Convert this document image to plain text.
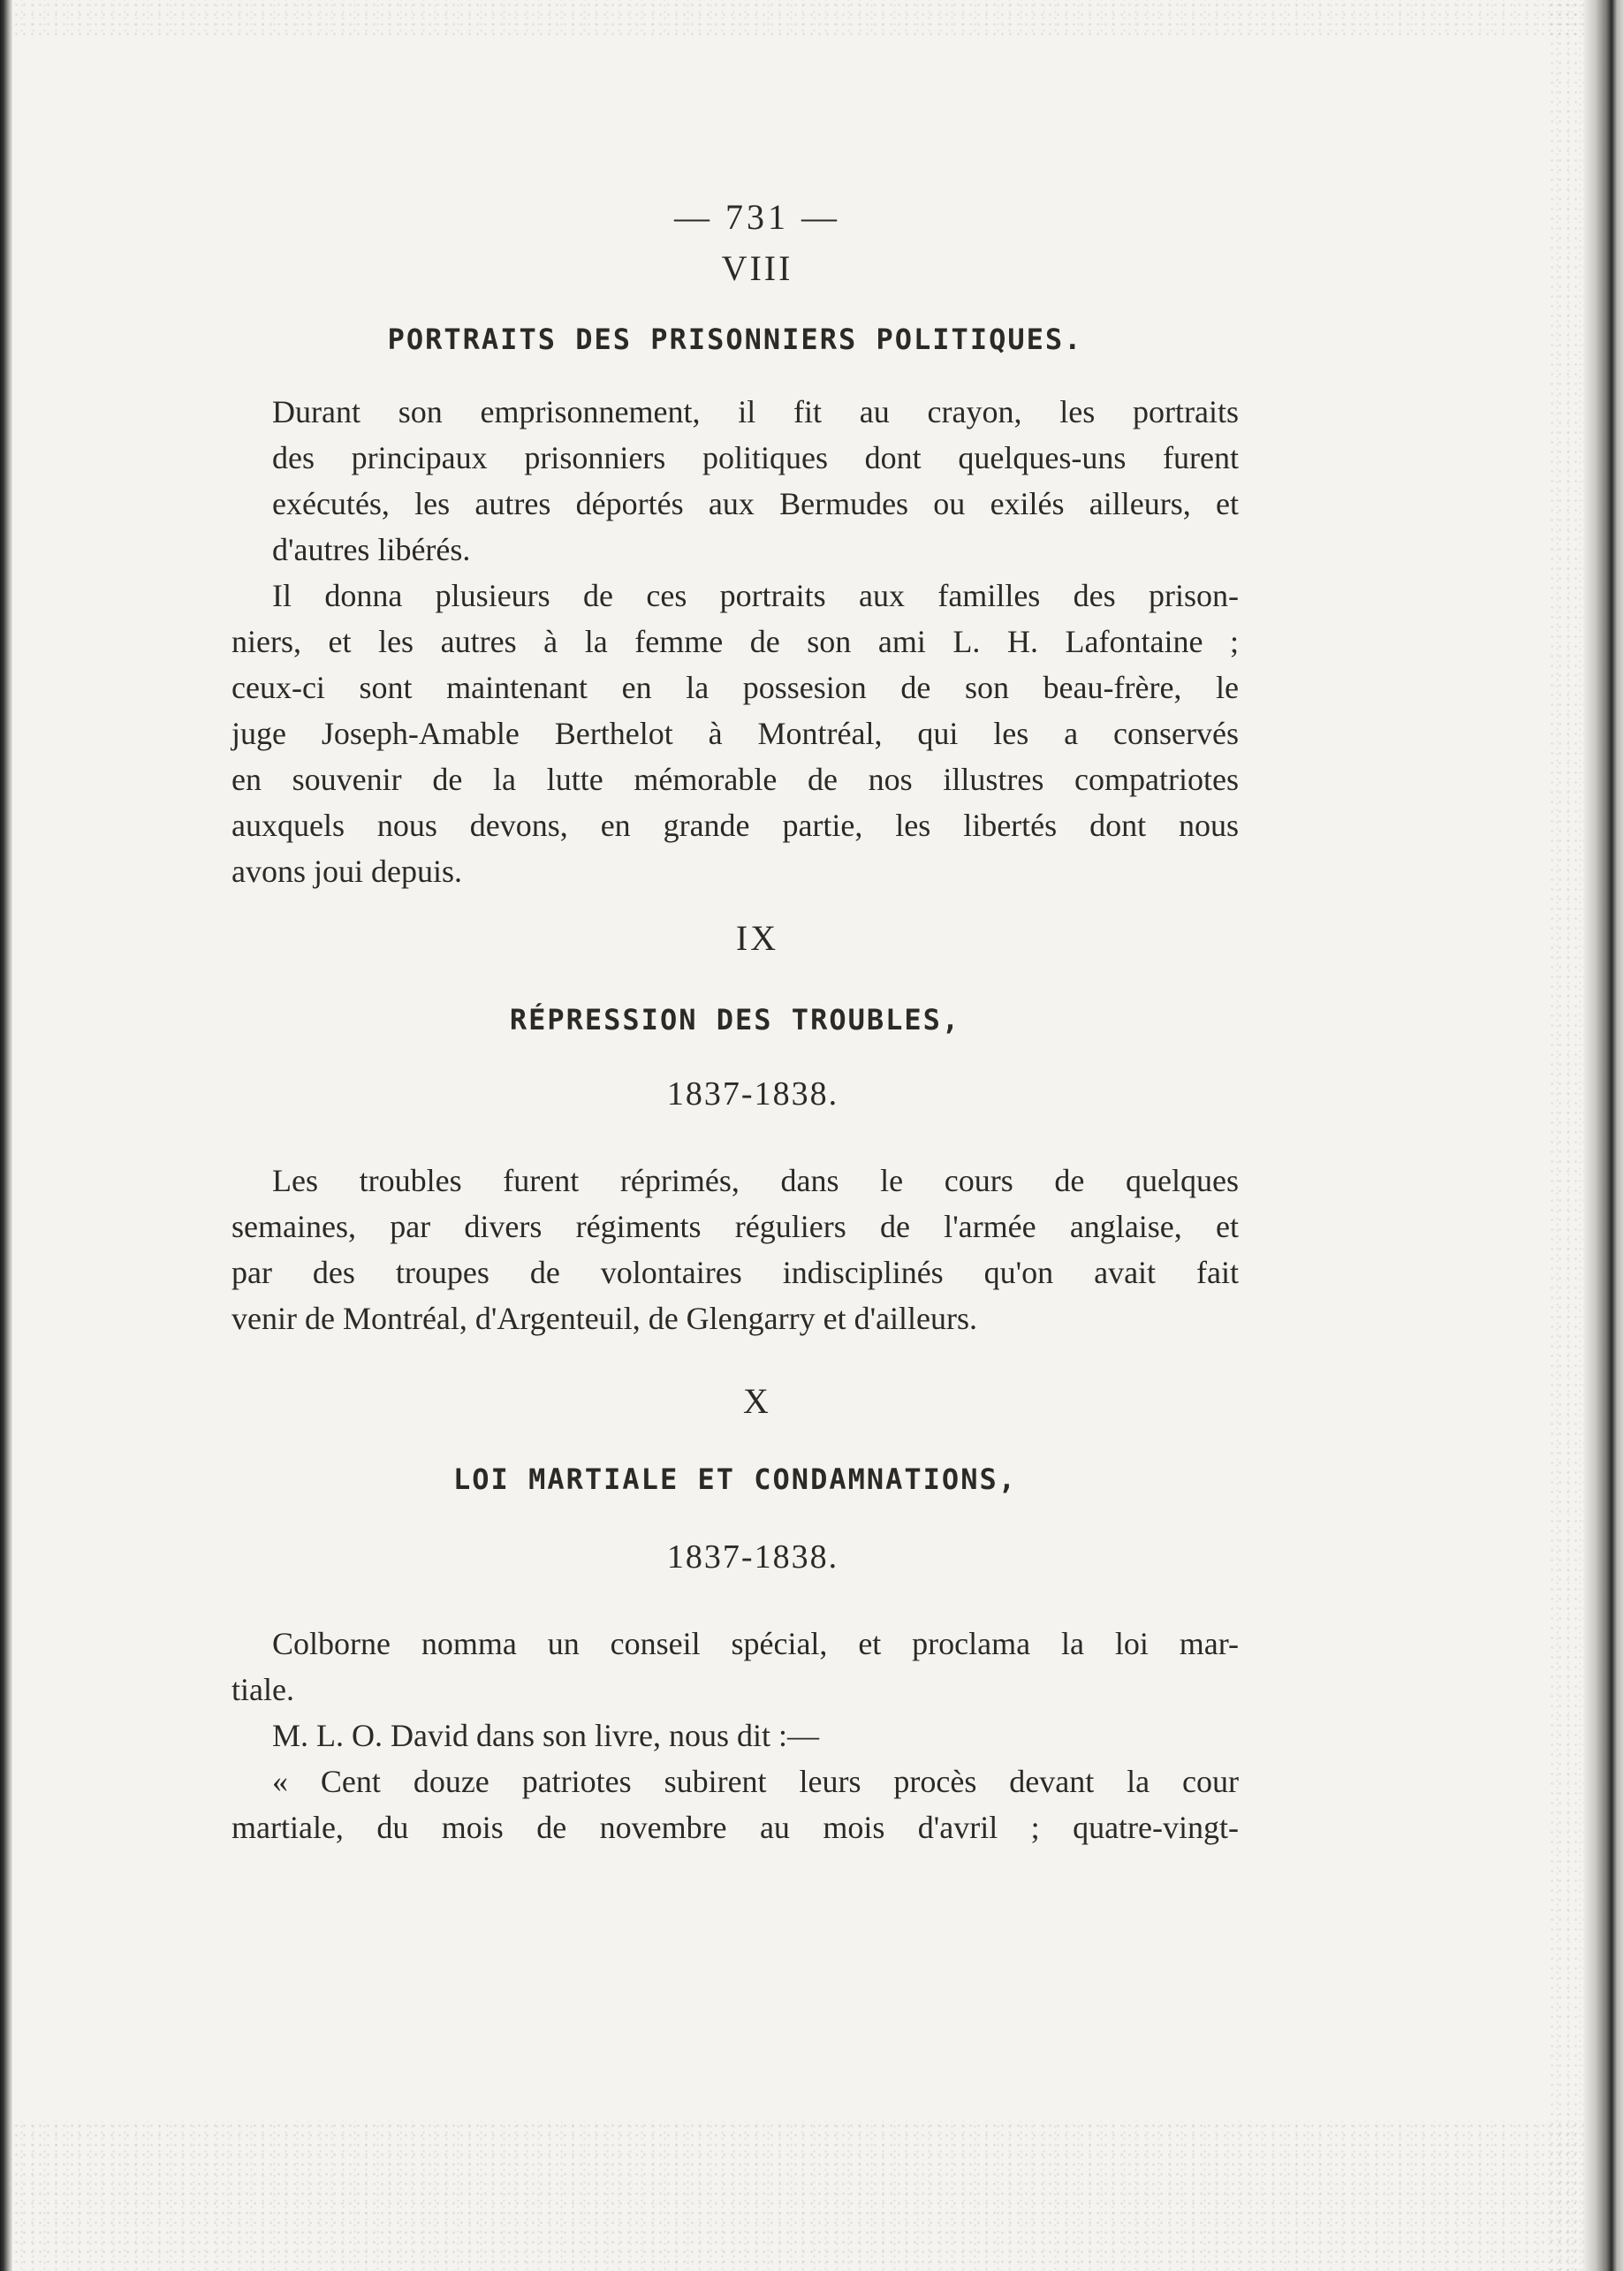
— 731 —

VIII

PORTRAITS DES PRISONNIERS POLITIQUES.

Durant son emprisonnement, il fit au crayon, les portraits
des principaux prisonniers politiques dont quelques-uns furent
exécutés, les autres déportés aux Bermudes ou exilés ailleurs, et
d'autres libérés.
Il donna plusieurs de ces portraits aux familles des prison-
niers, et les autres à la femme de son ami L. H. Lafontaine ;
ceux-ci sont maintenant en la possesion de son beau-frère, le
juge Joseph-Amable Berthelot à Montréal, qui les a conservés
en souvenir de la lutte mémorable de nos illustres compatriotes
auxquels nous devons, en grande partie, les libertés dont nous
avons joui depuis.

IX

RÉPRESSION DES TROUBLES,

1837-1838.

Les troubles furent réprimés, dans le cours de quelques
semaines, par divers régiments réguliers de l'armée anglaise, et
par des troupes de volontaires indisciplinés qu'on avait fait
venir de Montréal, d'Argenteuil, de Glengarry et d'ailleurs.

X

LOI MARTIALE ET CONDAMNATIONS,

1837-1838.

Colborne nomma un conseil spécial, et proclama la loi mar-
tiale.
M. L. O. David dans son livre, nous dit :—
« Cent douze patriotes subirent leurs procès devant la cour
martiale, du mois de novembre au mois d'avril ; quatre-vingt-
